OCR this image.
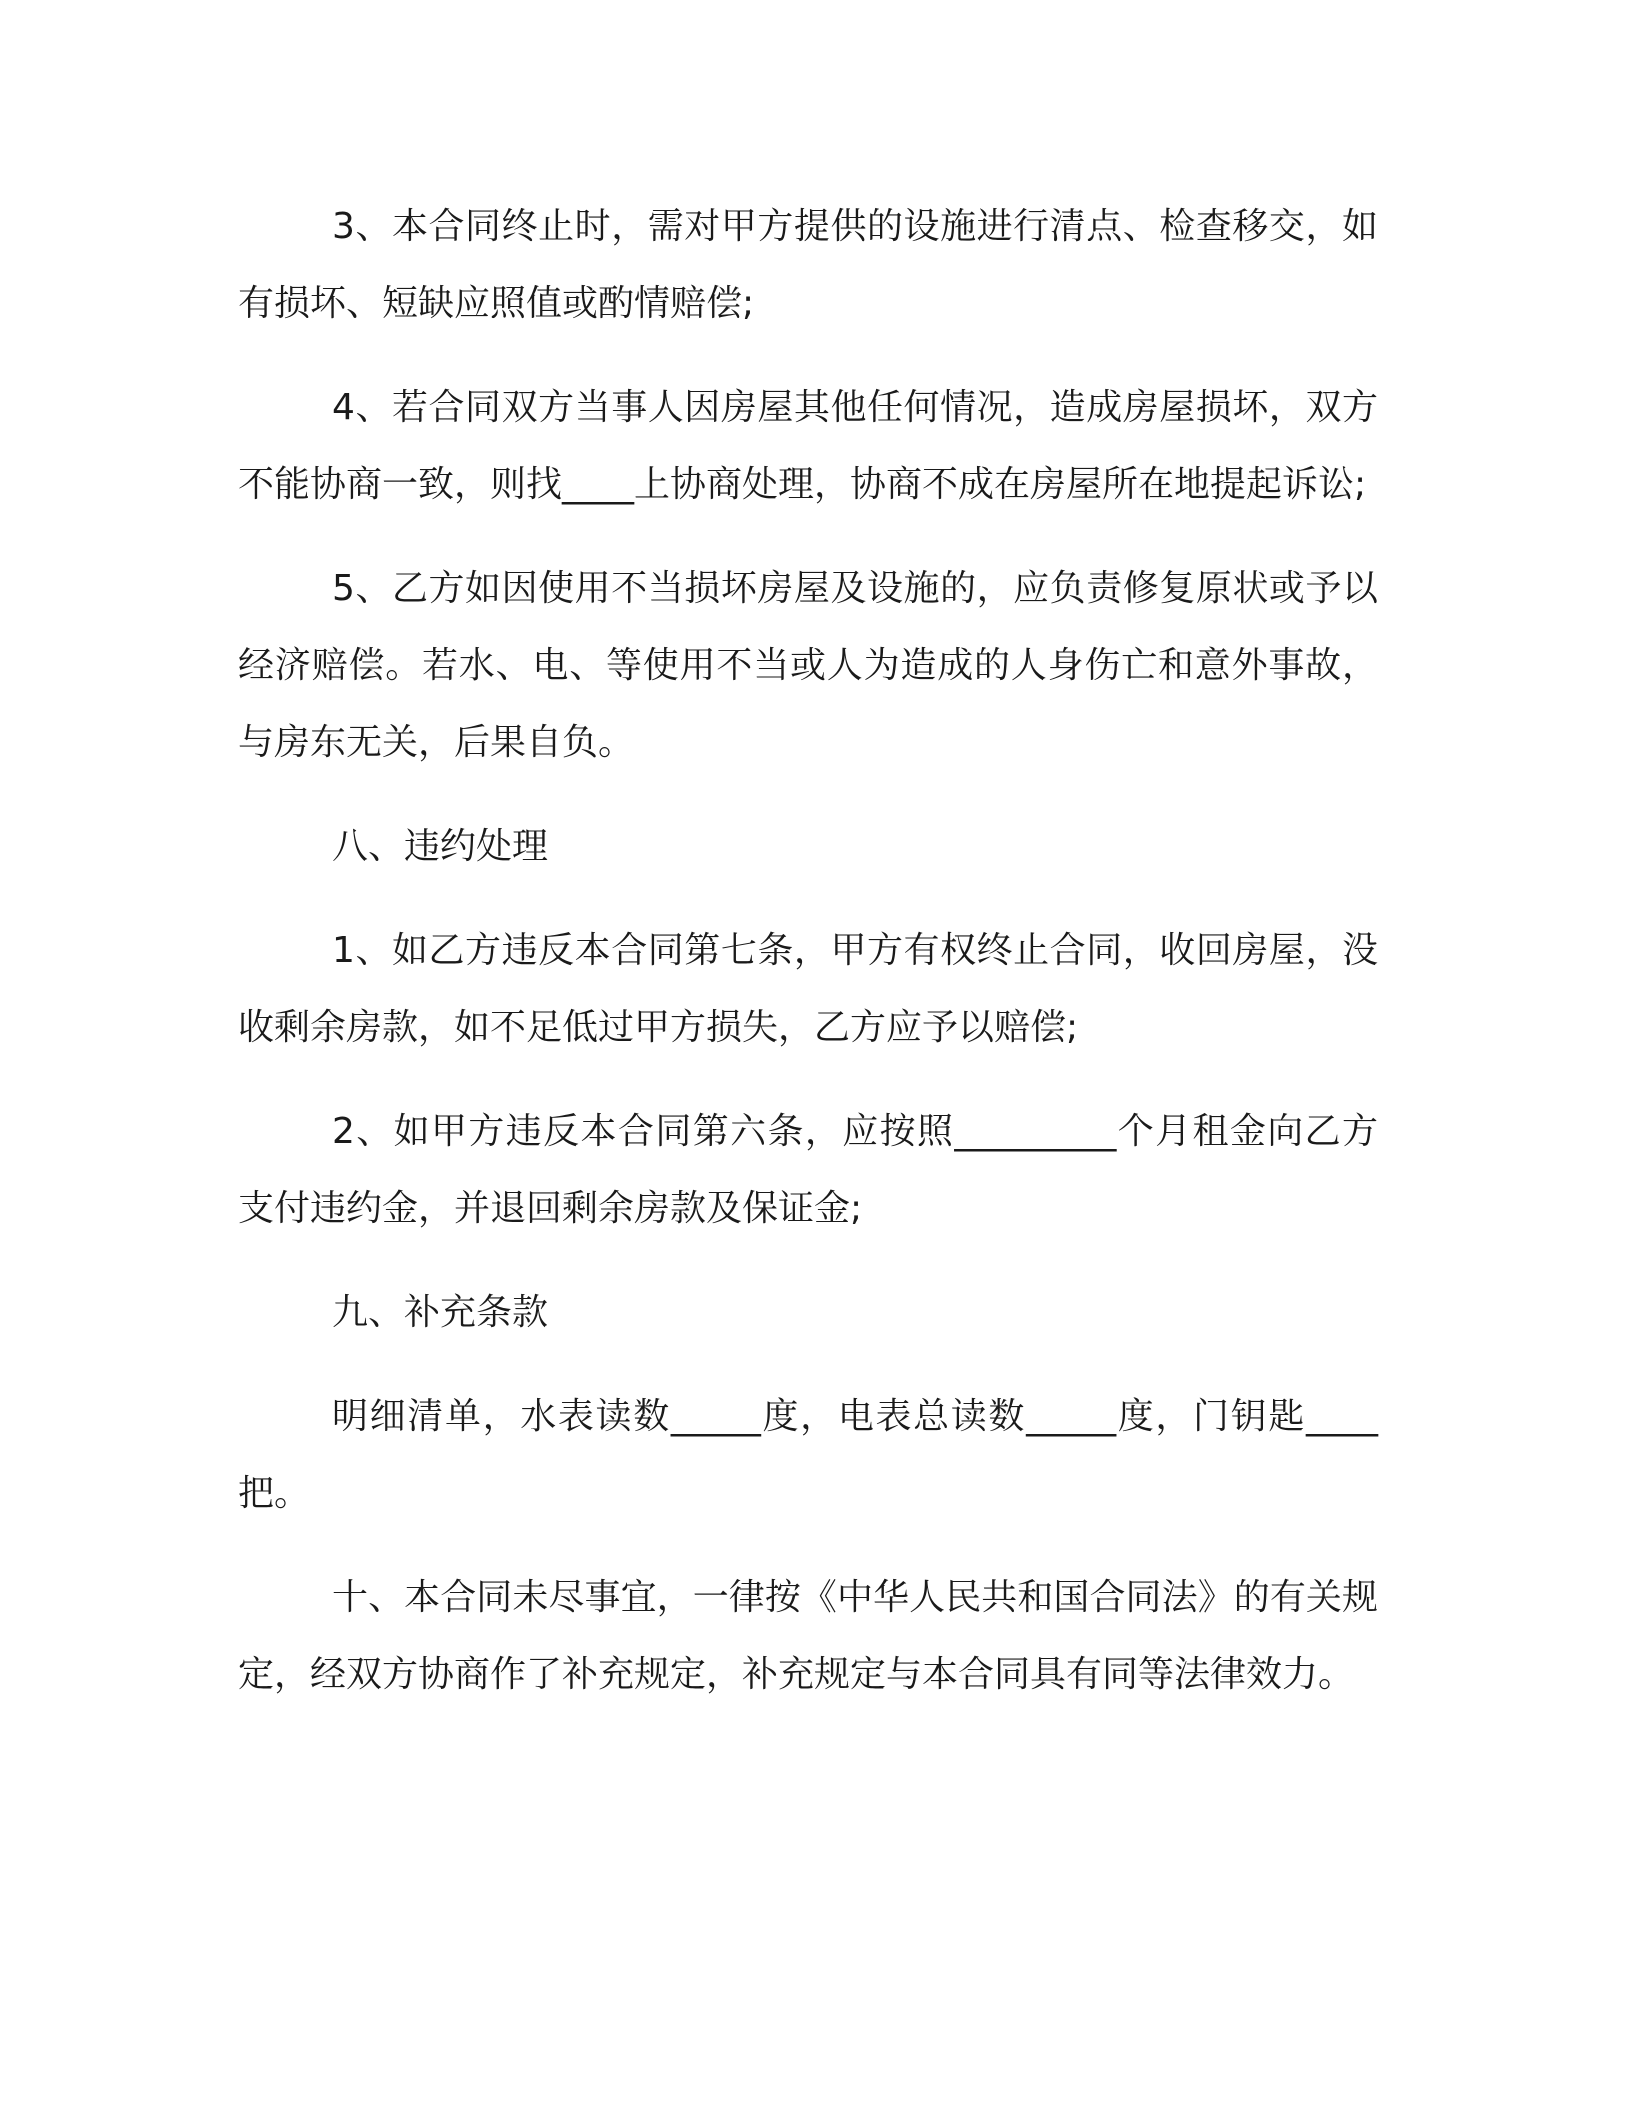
3、本合同终止时，需对甲方提供的设施进行清点、检查移交，如有损坏、短缺应照值或酌情赔偿;

4、若合同双方当事人因房屋其他任何情况，造成房屋损坏，双方不能协商一致，则找____上协商处理，协商不成在房屋所在地提起诉讼;

5、乙方如因使用不当损坏房屋及设施的，应负责修复原状或予以经济赔偿。若水、电、等使用不当或人为造成的人身伤亡和意外事故，与房东无关，后果自负。

八、违约处理

1、如乙方违反本合同第七条，甲方有权终止合同，收回房屋，没收剩余房款，如不足低过甲方损失，乙方应予以赔偿;

2、如甲方违反本合同第六条，应按照_________个月租金向乙方支付违约金，并退回剩余房款及保证金;

九、补充条款

明细清单，水表读数_____度，电表总读数_____度，门钥匙____把。

十、本合同未尽事宜，一律按《中华人民共和国合同法》的有关规定，经双方协商作了补充规定，补充规定与本合同具有同等法律效力。
